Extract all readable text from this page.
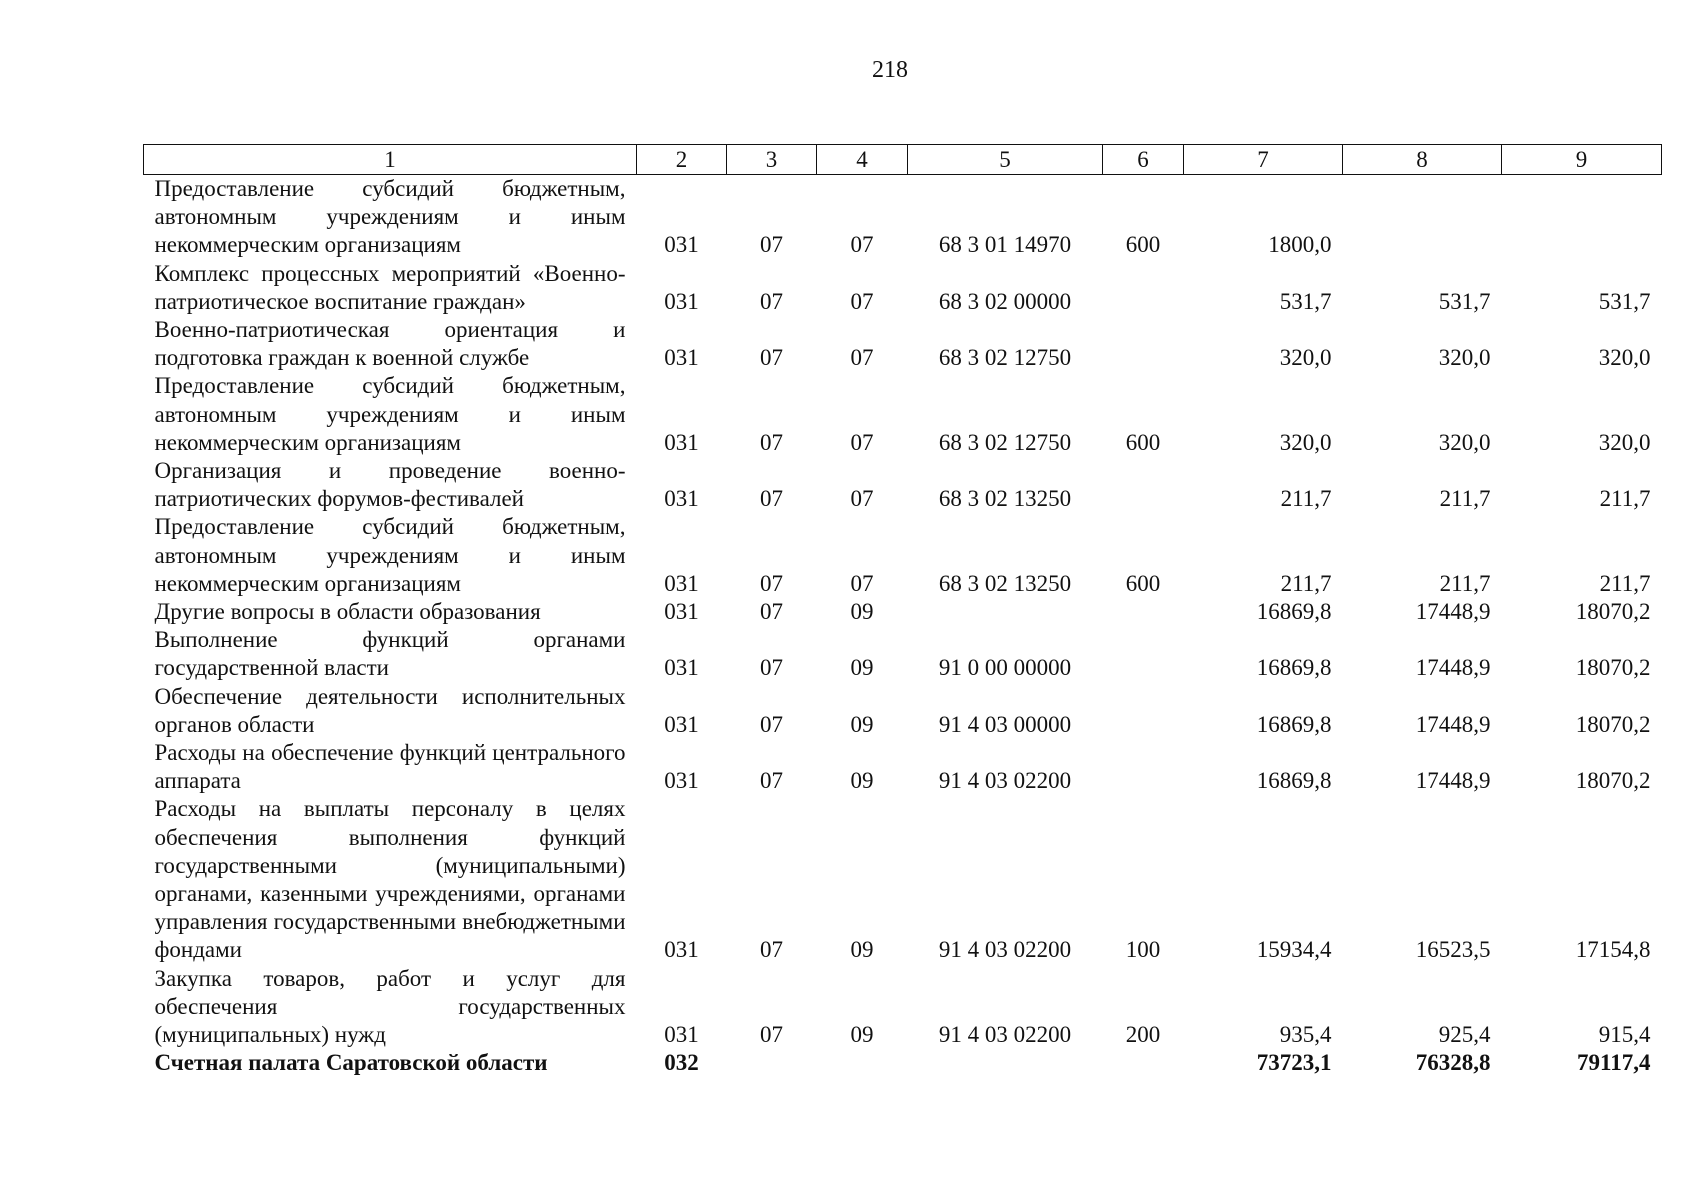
218
1	2	3	4	5	6	7	8	9
Предоставление субсидий бюджетным, автономным учреждениям и иным некоммерческим организациям	031	07	07	68 3 01 14970	600	1800,0		
Комплекс процессных мероприятий «Военно-патриотическое воспитание граждан»	031	07	07	68 3 02 00000		531,7	531,7	531,7
Военно-патриотическая ориентация и подготовка граждан к военной службе	031	07	07	68 3 02 12750		320,0	320,0	320,0
Предоставление субсидий бюджетным, автономным учреждениям и иным некоммерческим организациям	031	07	07	68 3 02 12750	600	320,0	320,0	320,0
Организация и проведение военно-патриотических форумов-фестивалей	031	07	07	68 3 02 13250		211,7	211,7	211,7
Предоставление субсидий бюджетным, автономным учреждениям и иным некоммерческим организациям	031	07	07	68 3 02 13250	600	211,7	211,7	211,7
Другие вопросы в области образования	031	07	09			16869,8	17448,9	18070,2
Выполнение функций органами государственной власти	031	07	09	91 0 00 00000		16869,8	17448,9	18070,2
Обеспечение деятельности исполнительных органов области	031	07	09	91 4 03 00000		16869,8	17448,9	18070,2
Расходы на обеспечение функций центрального аппарата	031	07	09	91 4 03 02200		16869,8	17448,9	18070,2
Расходы на выплаты персоналу в целях обеспечения выполнения функций государственными (муниципальными) органами, казенными учреждениями, органами управления государственными внебюджетными фондами	031	07	09	91 4 03 02200	100	15934,4	16523,5	17154,8
Закупка товаров, работ и услуг для обеспечения государственных (муниципальных) нужд	031	07	09	91 4 03 02200	200	935,4	925,4	915,4
Счетная палата Саратовской области	032					73723,1	76328,8	79117,4
